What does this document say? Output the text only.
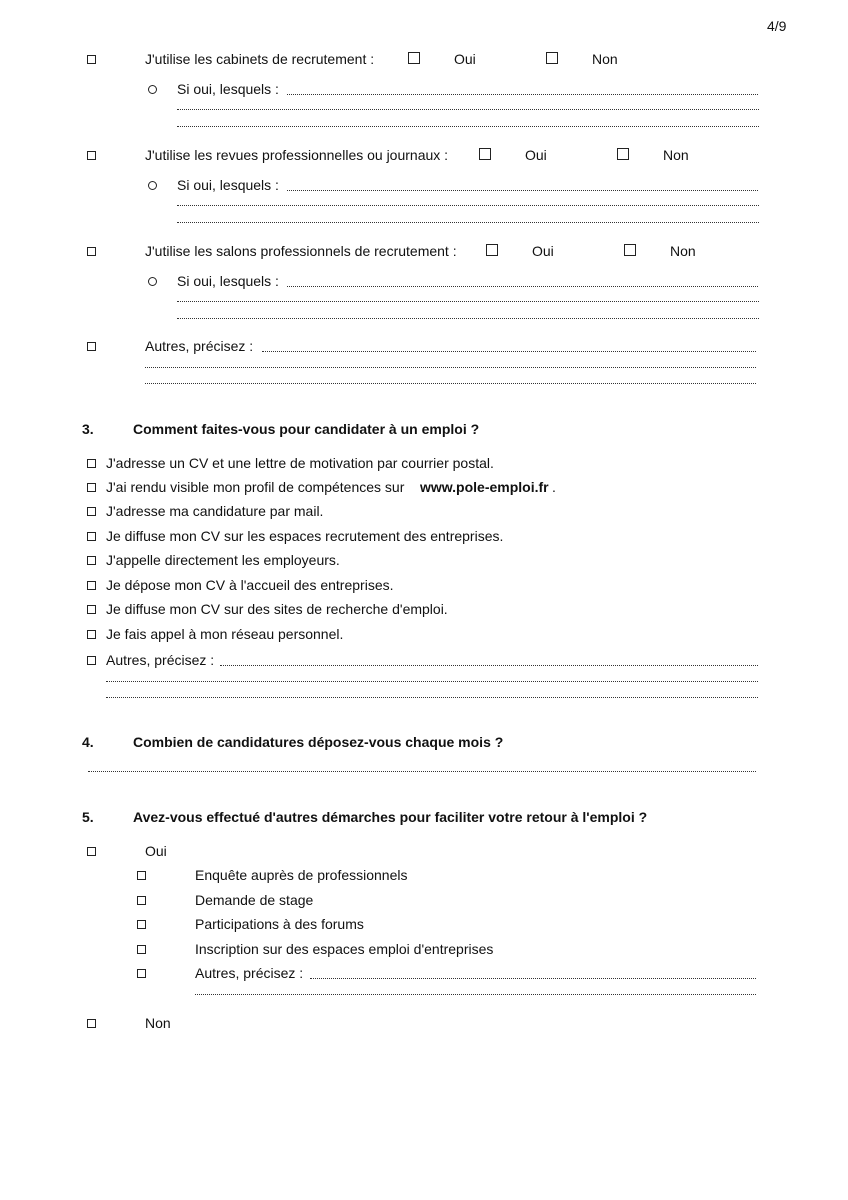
4/9
J'utilise les cabinets de recrutement :	Oui	Non
Si oui, lesquels :
J'utilise les revues professionnelles ou journaux :	Oui	Non
Si oui, lesquels :
J'utilise les salons professionnels de recrutement :	Oui	Non
Si oui, lesquels :
Autres, précisez :
3.	Comment faites-vous pour candidater à un emploi ?
J'adresse un CV et une lettre de motivation par courrier postal.
J'ai rendu visible mon profil de compétences sur www.pole-emploi.fr .
J'adresse ma candidature par mail.
Je diffuse mon CV sur les espaces recrutement des entreprises.
J'appelle directement les employeurs.
Je dépose mon CV à l'accueil des entreprises.
Je diffuse mon CV sur des sites de recherche d'emploi.
Je fais appel à mon réseau personnel.
Autres, précisez :
4.	Combien de candidatures déposez-vous chaque mois ?
5.	Avez-vous effectué d'autres démarches pour faciliter votre retour à l'emploi ?
Oui
Enquête auprès de professionnels
Demande de stage
Participations à des forums
Inscription sur des espaces emploi d'entreprises
Autres, précisez :
Non
